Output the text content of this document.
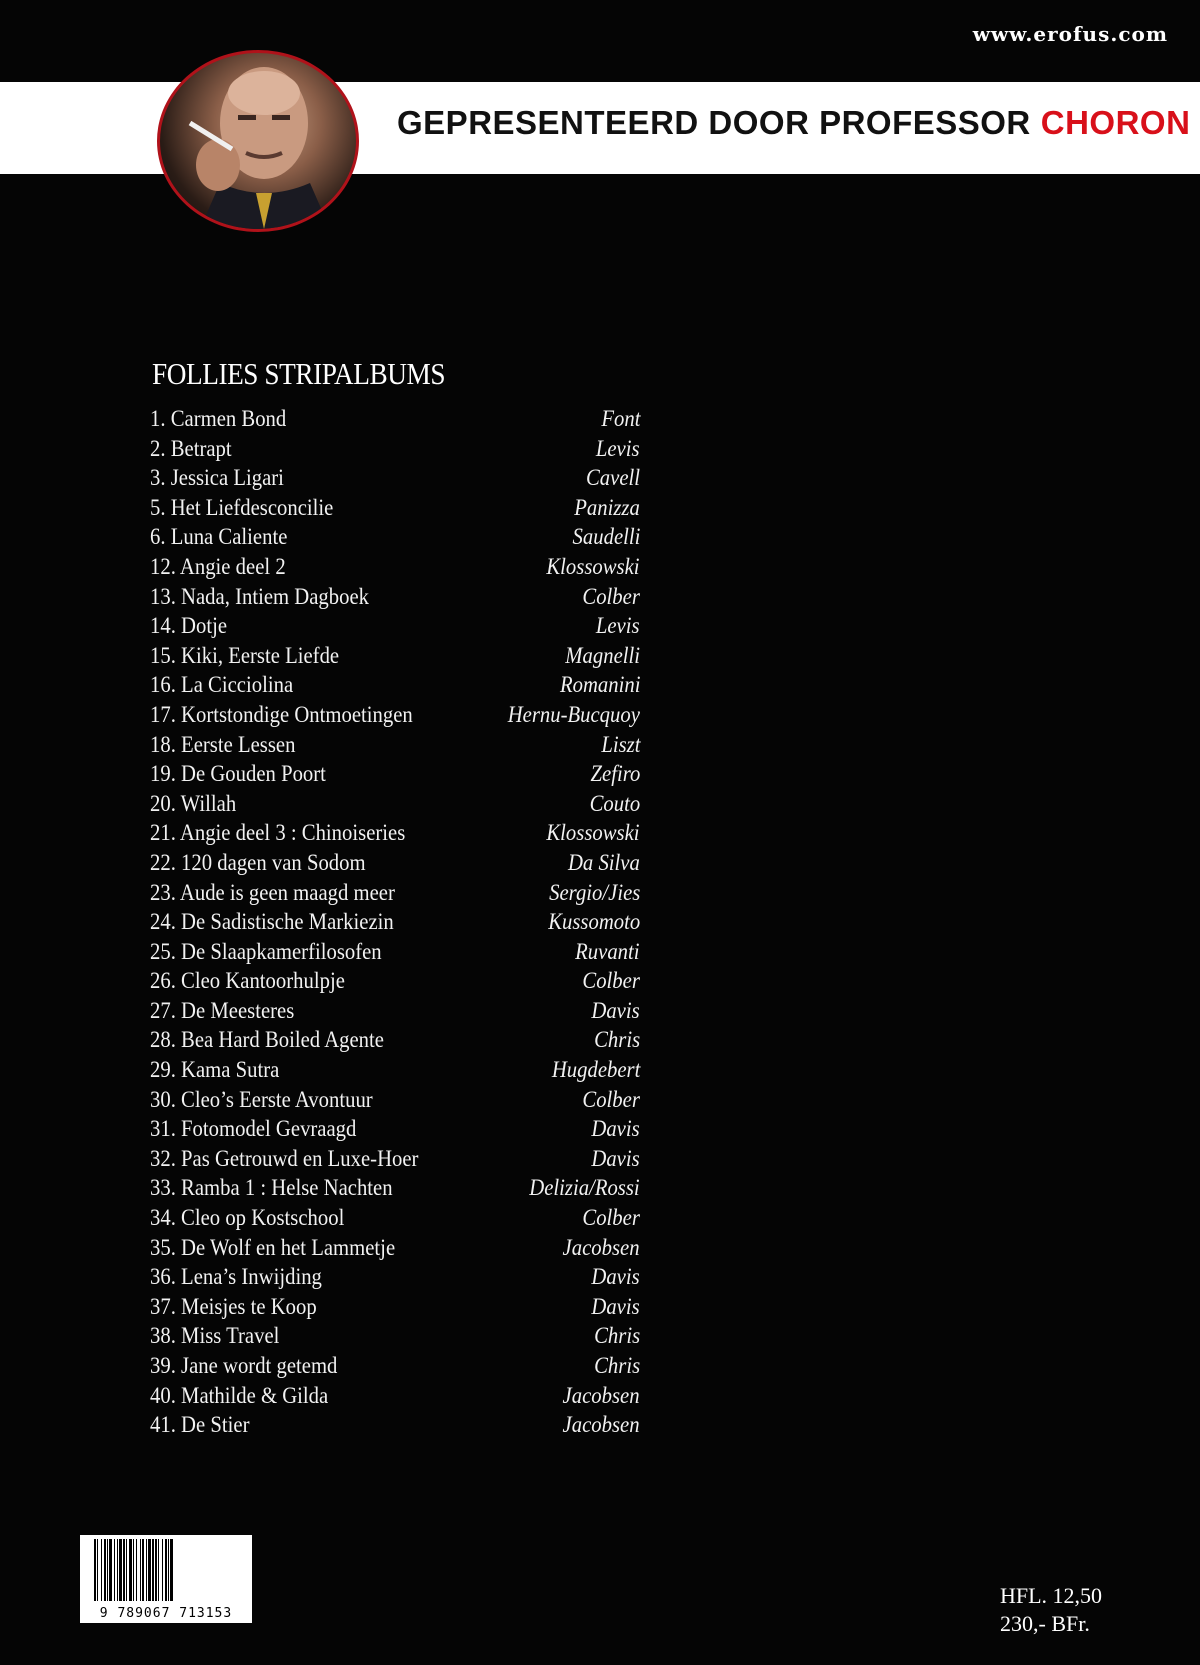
www.erofus.com
GEPRESENTEERD DOOR PROFESSOR CHORON
FOLLIES STRIPALBUMS
1. Carmen Bond	Font
2. Betrapt	Levis
3. Jessica Ligari	Cavell
5. Het Liefdesconcilie	Panizza
6. Luna Caliente	Saudelli
12. Angie deel 2	Klossowski
13. Nada, Intiem Dagboek	Colber
14. Dotje	Levis
15. Kiki, Eerste Liefde	Magnelli
16. La Cicciolina	Romanini
17. Kortstondige Ontmoetingen	Hernu-Bucquoy
18. Eerste Lessen	Liszt
19. De Gouden Poort	Zefiro
20. Willah	Couto
21. Angie deel 3 : Chinoiseries	Klossowski
22. 120 dagen van Sodom	Da Silva
23. Aude is geen maagd meer	Sergio/Jies
24. De Sadistische Markiezin	Kussomoto
25. De Slaapkamerfilosofen	Ruvanti
26. Cleo Kantoorhulpje	Colber
27. De Meesteres	Davis
28. Bea Hard Boiled Agente	Chris
29. Kama Sutra	Hugdebert
30. Cleo’s Eerste Avontuur	Colber
31. Fotomodel Gevraagd	Davis
32. Pas Getrouwd en Luxe-Hoer	Davis
33. Ramba 1 : Helse Nachten	Delizia/Rossi
34. Cleo op Kostschool	Colber
35. De Wolf en het Lammetje	Jacobsen
36. Lena’s Inwijding	Davis
37. Meisjes te Koop	Davis
38. Miss Travel	Chris
39. Jane wordt getemd	Chris
40. Mathilde & Gilda	Jacobsen
41. De Stier	Jacobsen
9 789067 713153
HFL. 12,50
230,- BFr.
